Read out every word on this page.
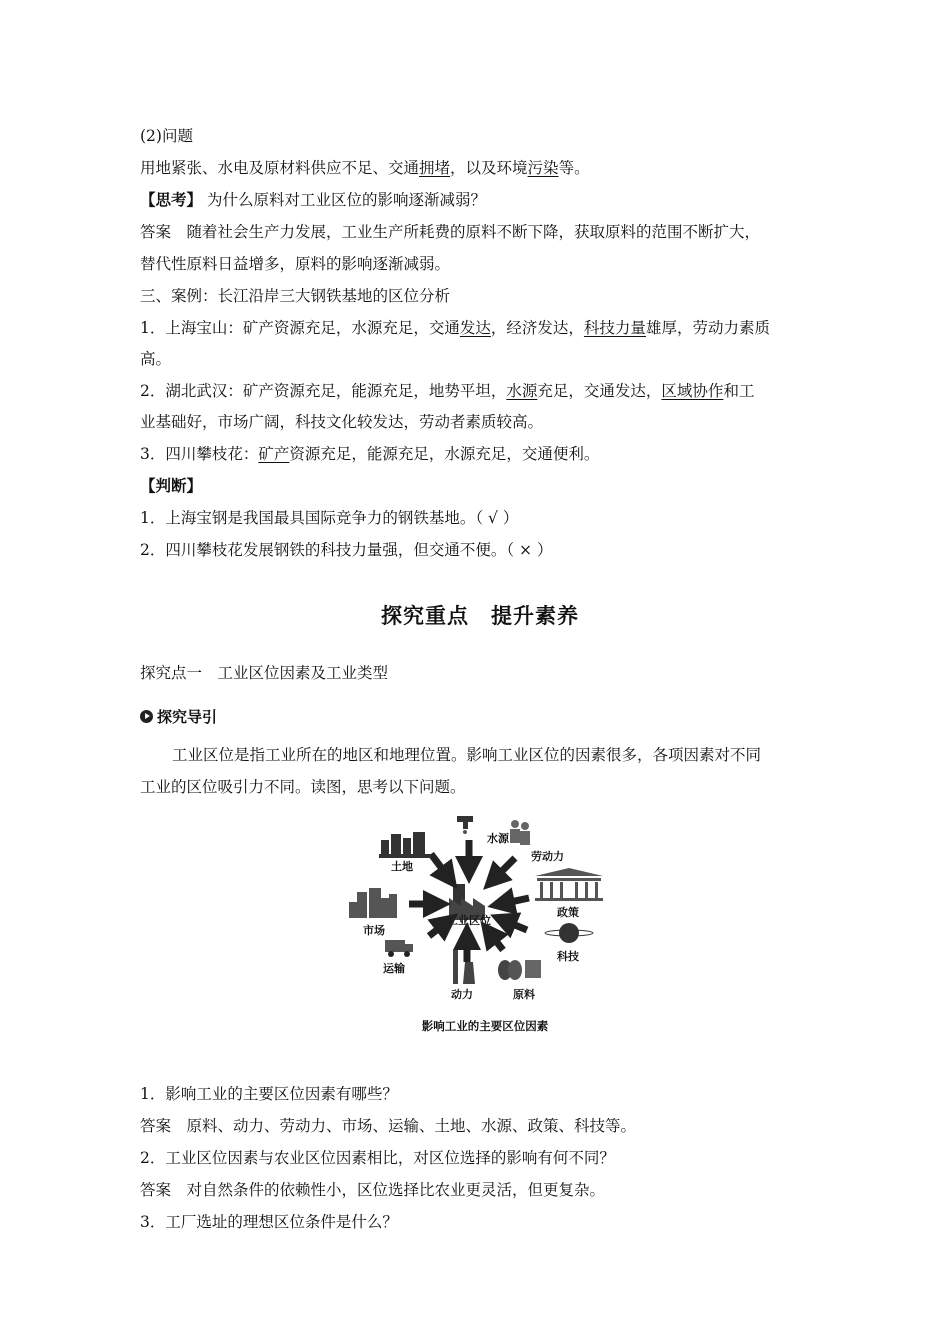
(2)问题
用地紧张、水电及原材料供应不足、交通拥堵，以及环境污染等。
【思考】 为什么原料对工业区位的影响逐渐减弱？
答案　 随着社会生产力发展，工业生产所耗费的原料不断下降，获取原料的范围不断扩大，
替代性原料日益增多，原料的影响逐渐减弱。
三、案例：长江沿岸三大钢铁基地的区位分析
1．上海宝山：矿产资源充足，水源充足，交通发达，经济发达，科技力量雄厚，劳动力素质
高。
2．湖北武汉：矿产资源充足，能源充足，地势平坦，水源充足，交通发达，区域协作和工
业基础好，市场广阔，科技文化较发达，劳动者素质较高。
3．四川攀枝花：矿产资源充足，能源充足，水源充足，交通便利。
【判断】
1．上海宝钢是我国最具国际竞争力的钢铁基地。（ √ ）
2．四川攀枝花发展钢铁的科技力量强，但交通不便。（ × ）
探究重点　提升素养
探究点一　工业区位因素及工业类型
探究导引
工业区位是指工业所在的地区和地理位置。影响工业区位的因素很多，各项因素对不同
工业的区位吸引力不同。读图，思考以下问题。
影响工业的主要区位因素
1．影响工业的主要区位因素有哪些？
答案　 原料、动力、劳动力、市场、运输、土地、水源、政策、科技等。
2．工业区位因素与农业区位因素相比，对区位选择的影响有何不同？
答案　 对自然条件的依赖性小，区位选择比农业更灵活，但更复杂。
3．工厂选址的理想区位条件是什么？
工业区位
水源
土地
劳动力
政策
市场
科技
运输
动力	原料
